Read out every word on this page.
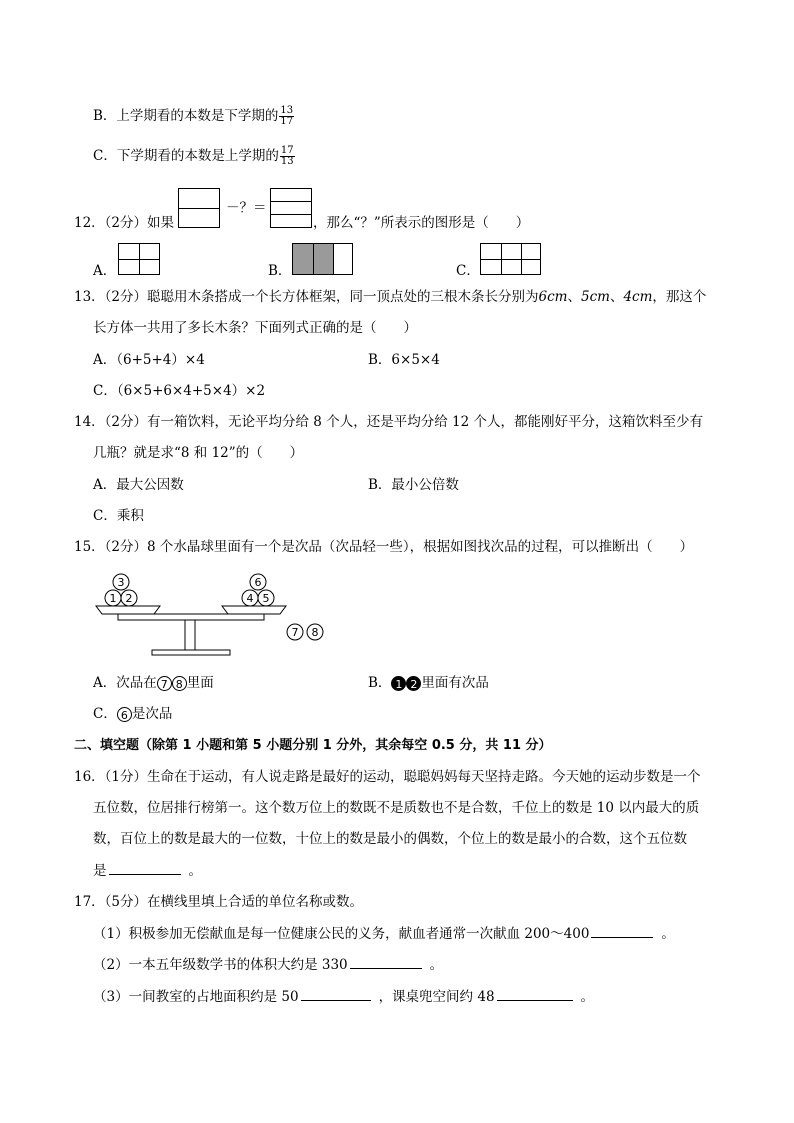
B．上学期看的本数是下学期的 $\frac{13}{17}$
C．下学期看的本数是上学期的 $\frac{17}{13}$
12．（2分）如果
－？＝
，那么“？”所表示的图形是（　　）
A．	B．	C．
13．（2分）聪聪用木条搭成一个长方体框架，同一顶点处的三根木条长分别为6cm、5cm、4cm，那这个
长方体一共用了多长木条？下面列式正确的是（　　）
A．（6+5+4）×4	B．6×5×4
C．（6×5+6×4+5×4）×2
14．（2分）有一箱饮料，无论平均分给 8 个人，还是平均分给 12 个人，都能刚好平分，这箱饮料至少有
几瓶？就是求“8 和 12”的（　　）
A．最大公因数	B．最小公倍数
C．乘积
15．（2分）8 个水晶球里面有一个是次品（次品轻一些），根据如图找次品的过程，可以推断出（　　）
3
1 2
6
4 5
7 8
A．次品在 7 8 里面	B． 1 2 里面有次品
C． 6 是次品
二、填空题（除第 1 小题和第 5 小题分别 1 分外，其余每空 0.5 分，共 11 分）
16．（1分）生命在于运动，有人说走路是最好的运动，聪聪妈妈每天坚持走路。今天她的运动步数是一个
五位数，位居排行榜第一。这个数万位上的数既不是质数也不是合数，千位上的数是 10 以内最大的质
数，百位上的数是最大的一位数，十位上的数是最小的偶数，个位上的数是最小的合数，这个五位数
是	。
17．（5分）在横线里填上合适的单位名称或数。
（1）积极参加无偿献血是每一位健康公民的义务，献血者通常一次献血 200～400	。
（2）一本五年级数学书的体积大约是 330	。
（3）一间教室的占地面积约是 50	，课桌兜空间约 48	。
